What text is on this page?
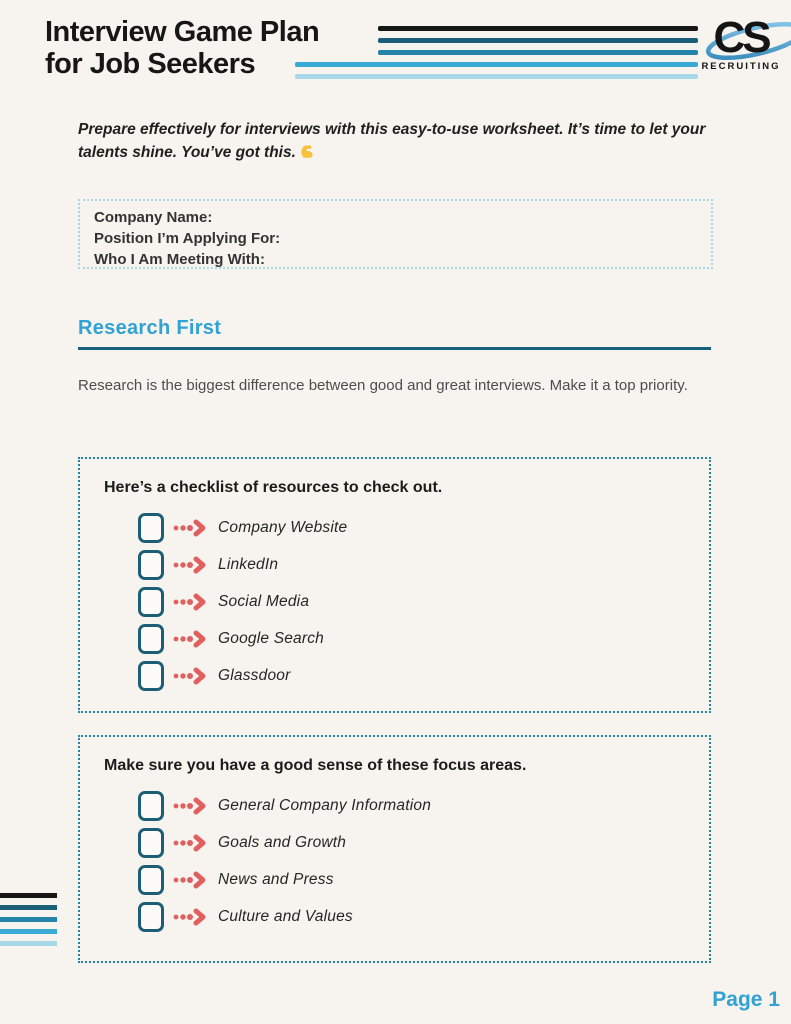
Interview Game Plan
for Job Seekers
CS
RECRUITING
Prepare effectively for interviews with this easy-to-use worksheet. It’s time to let your talents shine. You’ve got this.
Company Name:
Position I’m Applying For:
Who I Am Meeting With:
Research First
Research is the biggest difference between good and great interviews. Make it a top priority.
Here’s a checklist of resources to check out.
Company Website
LinkedIn
Social Media
Google Search
Glassdoor
Make sure you have a good sense of these focus areas.
General Company Information
Goals and Growth
News and Press
Culture and Values
Page 1
